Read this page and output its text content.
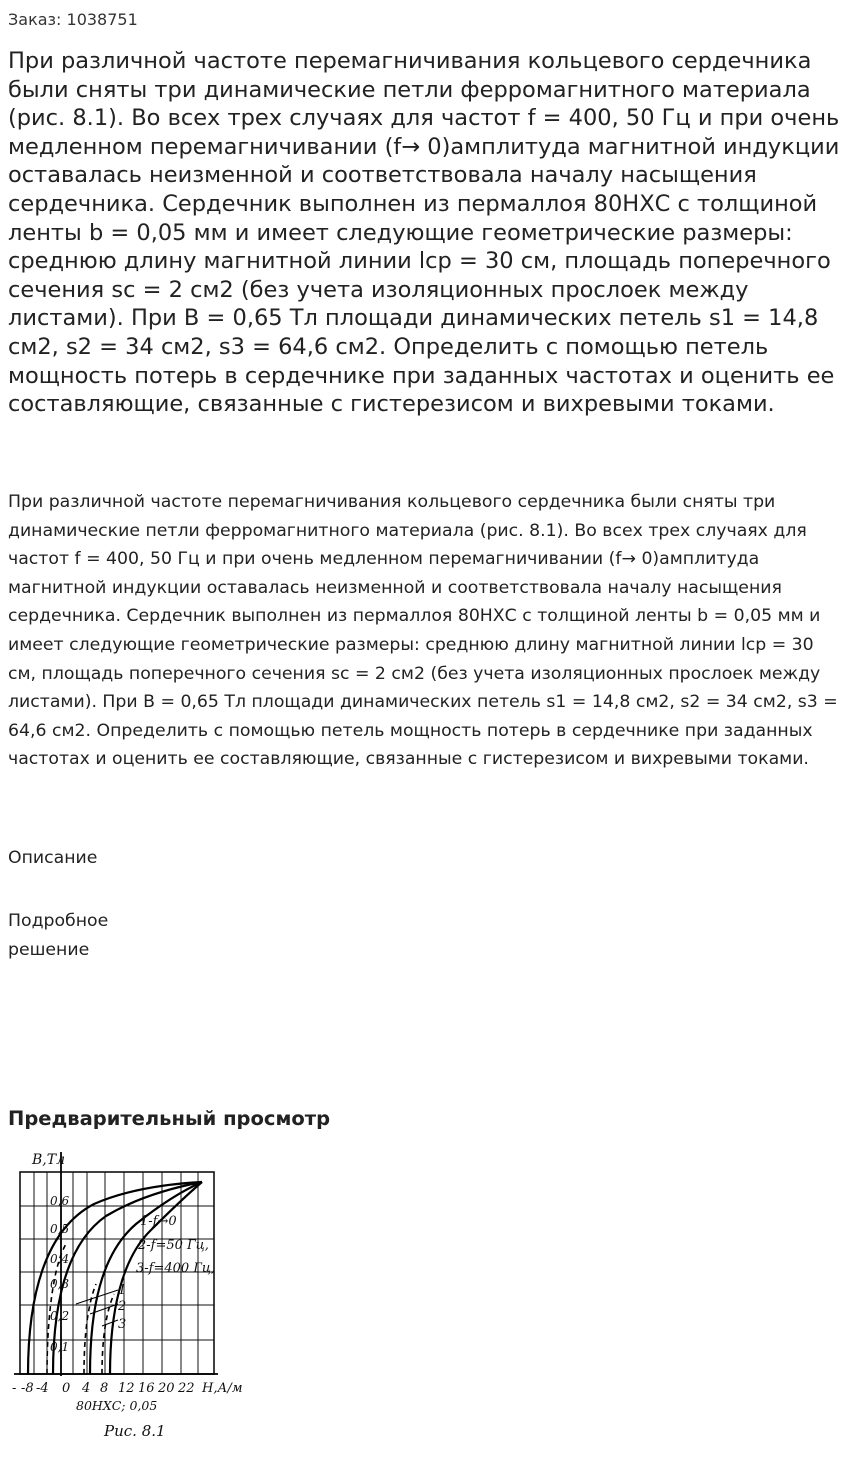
Заказ: 1038751
При различной частоте перемагничивания кольцевого сердечника были сняты три динамические петли ферромагнитного материала (рис. 8.1). Во всех трех случаях для частот f = 400, 50 Гц и при очень медленном перемагничивании (f→ 0)амплитуда магнитной индукции оставалась неизменной и соответствовала началу насыщения сердечника. Сердечник выполнен из пермаллоя 80НХС с толщиной ленты b = 0,05 мм и имеет следующие геометрические размеры: среднюю длину магнитной линии lср = 30 см, площадь поперечного сечения sc = 2 см2 (без учета изоляционных прослоек между листами). При B = 0,65 Тл площади динамических петель s1 = 14,8 см2, s2 = 34 см2, s3 = 64,6 см2. Определить с помощью петель мощность потерь в сердечнике при заданных частотах и оценить ее составляющие, связанные с гистерезисом и вихревыми токами.

При различной частоте перемагничивания кольцевого сердечника были сняты три динамические петли ферромагнитного материала (рис. 8.1). Во всех трех случаях для частот f = 400, 50 Гц и при очень медленном перемагничивании (f→ 0)амплитуда магнитной индукции оставалась неизменной и соответствовала началу насыщения сердечника. Сердечник выполнен из пермаллоя 80НХС с толщиной ленты b = 0,05 мм и имеет следующие геометрические размеры: среднюю длину магнитной линии lср = 30 см, площадь поперечного сечения sc = 2 см2 (без учета изоляционных прослоек между листами). При B = 0,65 Тл площади динамических петель s1 = 14,8 см2, s2 = 34 см2, s3 = 64,6 см2. Определить с помощью петель мощность потерь в сердечнике при заданных частотах и оценить ее составляющие, связанные с гистерезисом и вихревыми токами.

Описание
Подробное решение
Предварительный просмотр
B,Тл
0,1
0,2
0,3
0,4
0,5
0,6
1-f→0
2-f=50 Гц,
3-f=400 Гц,
1
2
3
- -8 -4 0 4 8 12 16 20 22 H,А/м
80НХС; 0,05
Рис. 8.1
